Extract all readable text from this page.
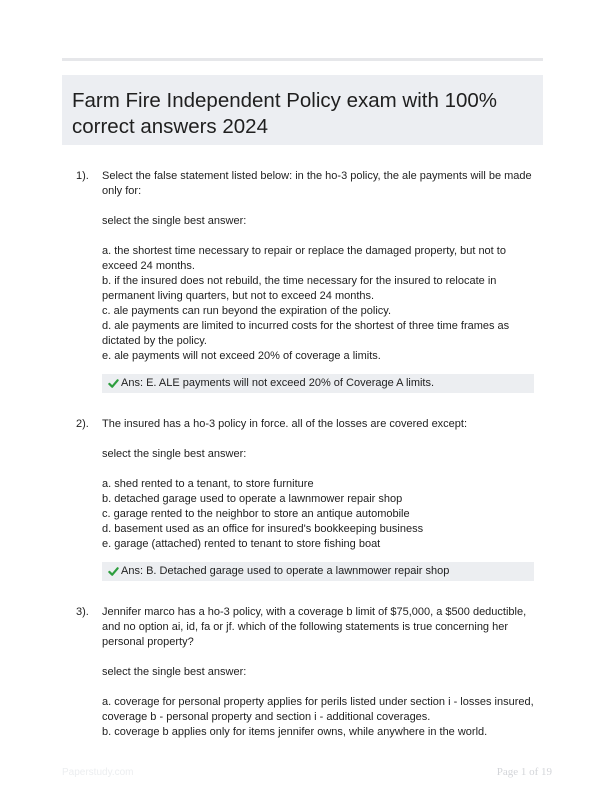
Farm Fire Independent Policy exam with 100% correct answers 2024
1). Select the false statement listed below: in the ho-3 policy, the ale payments will be made only for:

select the single best answer:

a. the shortest time necessary to repair or replace the damaged property, but not to exceed 24 months.

b. if the insured does not rebuild, the time necessary for the insured to relocate in permanent living quarters, but not to exceed 24 months.

c. ale payments can run beyond the expiration of the policy.

d. ale payments are limited to incurred costs for the shortest of three time frames as dictated by the policy.

e. ale payments will not exceed 20% of coverage a limits.

Ans: E. ALE payments will not exceed 20% of Coverage A limits.
2). The insured has a ho-3 policy in force. all of the losses are covered except:

select the single best answer:

a. shed rented to a tenant, to store furniture

b. detached garage used to operate a lawnmower repair shop

c. garage rented to the neighbor to store an antique automobile

d. basement used as an office for insured's bookkeeping business

e. garage (attached) rented to tenant to store fishing boat

Ans: B. Detached garage used to operate a lawnmower repair shop
3). Jennifer marco has a ho-3 policy, with a coverage b limit of $75,000, a $500 deductible, and no option ai, id, fa or jf. which of the following statements is true concerning her personal property?

select the single best answer:

a. coverage for personal property applies for perils listed under section i - losses insured, coverage b - personal property and section i - additional coverages.

b. coverage b applies only for items jennifer owns, while anywhere in the world.

Paperstudy.com	Page 1 of 19
